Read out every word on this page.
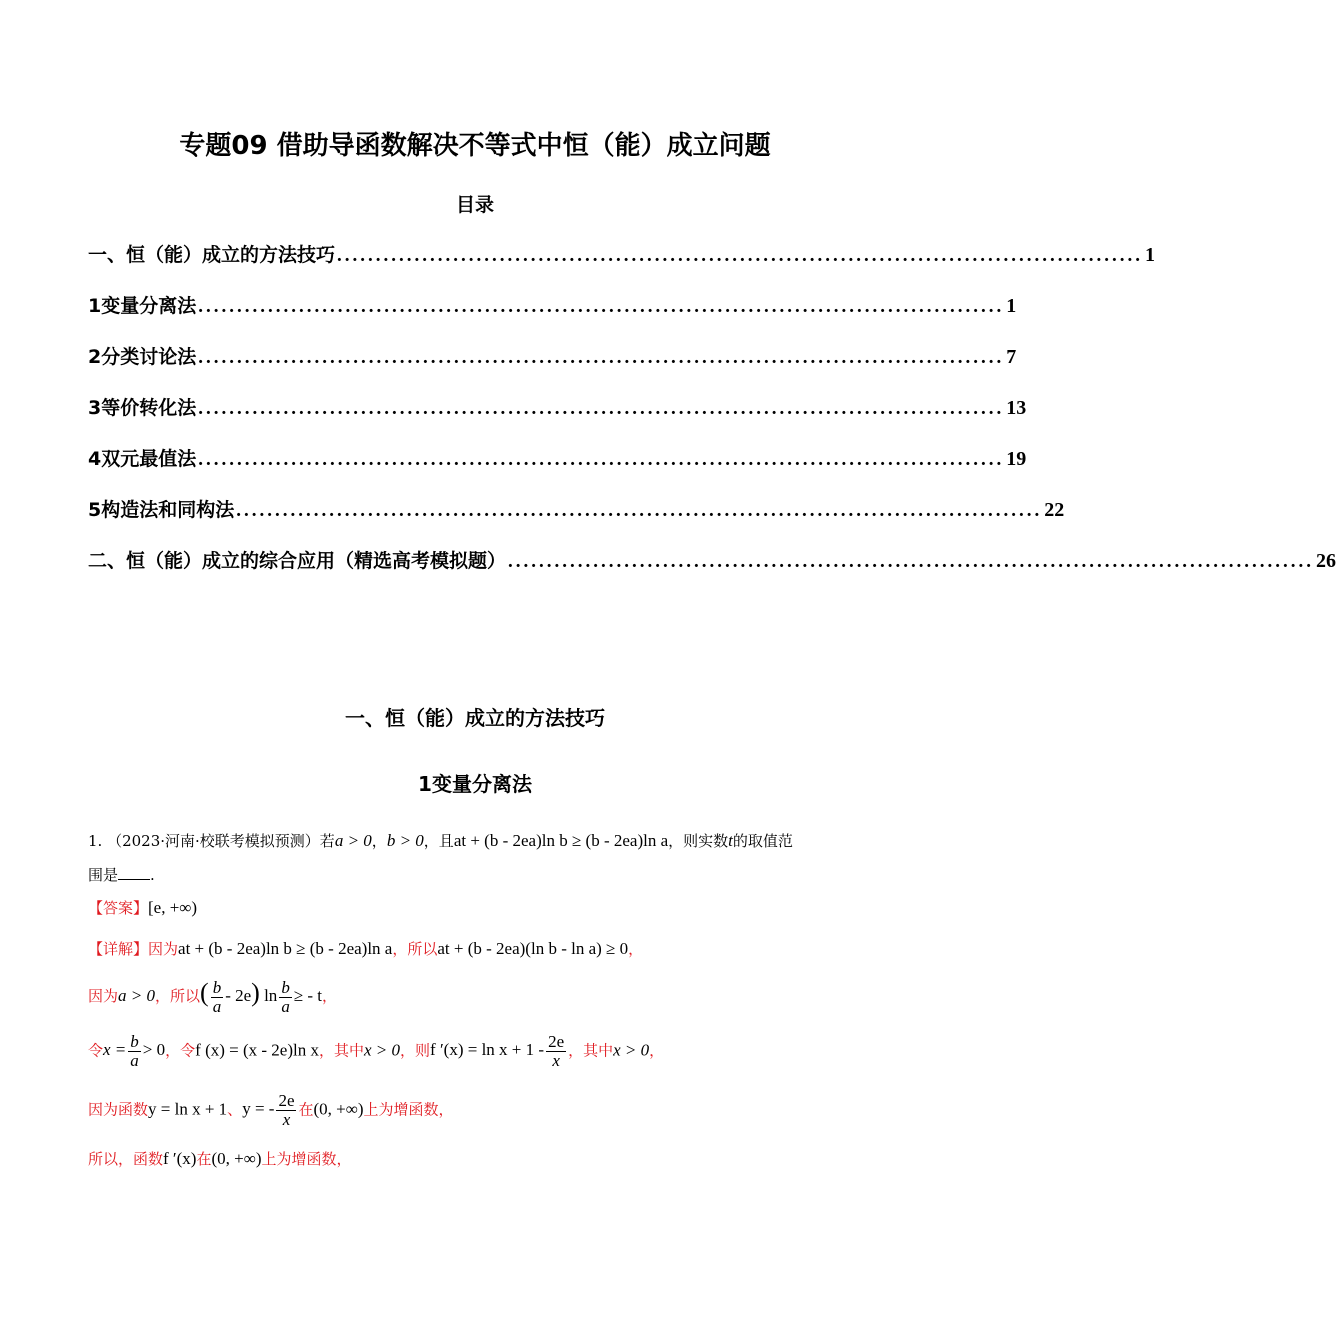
专题09 借助导函数解决不等式中恒（能）成立问题
目录
一、恒（能）成立的方法技巧 ........................................................................................................ 1
1变量分离法 ........................................................................................................ 1
2分类讨论法 ........................................................................................................ 7
3等价转化法 ........................................................................................................ 13
4双元最值法 ........................................................................................................ 19
5构造法和同构法 ........................................................................................................ 22
二、恒（能）成立的综合应用（精选高考模拟题） ........................................................................................................ 26
一、恒（能）成立的方法技巧
1变量分离法
1. （2023·河南·校联考模拟预测）若a > 0，b > 0，且at + (b - 2ea)ln b ≥ (b - 2ea)ln a，则实数t的取值范
围是 .
【答案】[e, +∞)
【详解】因为at + (b - 2ea)ln b ≥ (b - 2ea)ln a，所以at + (b - 2ea)(ln b - ln a) ≥ 0，
因为a > 0，所以( $\frac{b}{a} - 2e$) $\ln \frac{b}{a}$ ≥ - t，
令$x = \frac{b}{a} > 0$，令f (x) = (x - 2e)ln x，其中x > 0，则f $'(x) = \ln x + 1 - \frac{2e}{x}$ ，其中x > 0，
因为函数y = ln x + 1、y = - $\frac{2e}{x}$ 在(0, +∞)上为增函数，
所以，函数f ′(x)在(0, +∞)上为增函数，
